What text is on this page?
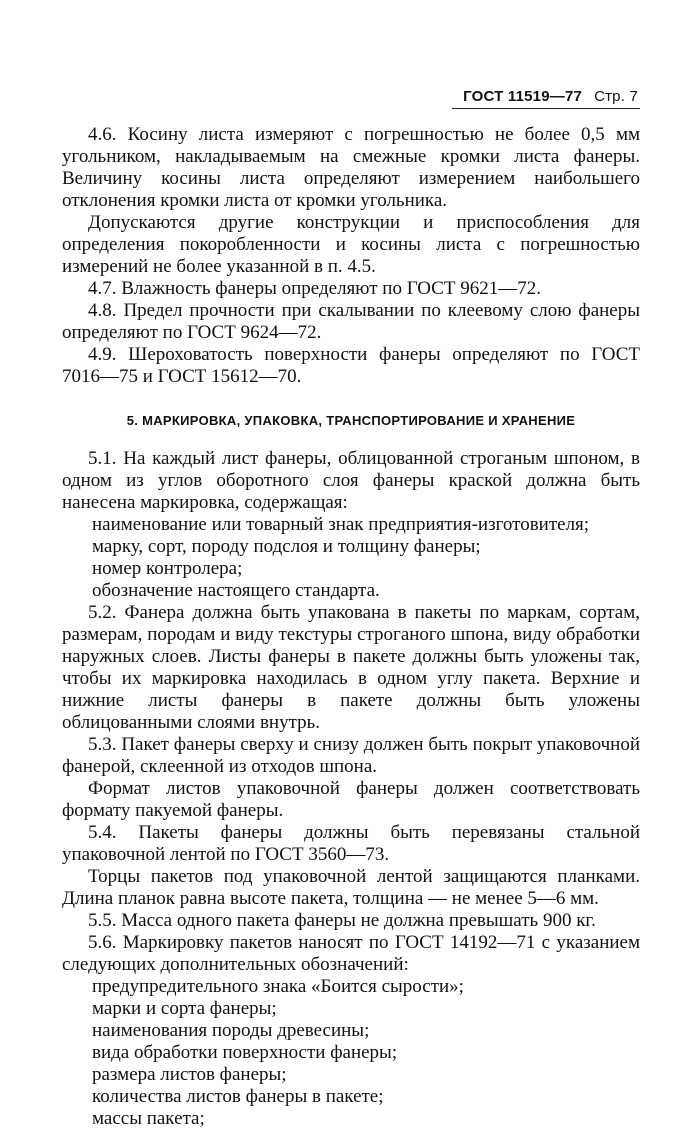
ГОСТ 11519—77 Стр. 7

4.6. Косину листа измеряют с погрешностью не более 0,5 мм угольником, накладываемым на смежные кромки листа фанеры. Величину косины листа определяют измерением наибольшего отклонения кромки листа от кромки угольника.

Допускаются другие конструкции и приспособления для определения покоробленности и косины листа с погрешностью измерений не более указанной в п. 4.5.

4.7. Влажность фанеры определяют по ГОСТ 9621—72.

4.8. Предел прочности при скалывании по клеевому слою фанеры определяют по ГОСТ 9624—72.

4.9. Шероховатость поверхности фанеры определяют по ГОСТ 7016—75 и ГОСТ 15612—70.

5. МАРКИРОВКА, УПАКОВКА, ТРАНСПОРТИРОВАНИЕ И ХРАНЕНИЕ

5.1. На каждый лист фанеры, облицованной строганым шпоном, в одном из углов оборотного слоя фанеры краской должна быть нанесена маркировка, содержащая:

наименование или товарный знак предприятия-изготовителя;

марку, сорт, породу подслоя и толщину фанеры;

номер контролера;

обозначение настоящего стандарта.

5.2. Фанера должна быть упакована в пакеты по маркам, сортам, размерам, породам и виду текстуры строганого шпона, виду обработки наружных слоев. Листы фанеры в пакете должны быть уложены так, чтобы их маркировка находилась в одном углу пакета. Верхние и нижние листы фанеры в пакете должны быть уложены облицованными слоями внутрь.

5.3. Пакет фанеры сверху и снизу должен быть покрыт упаковочной фанерой, склеенной из отходов шпона.

Формат листов упаковочной фанеры должен соответствовать формату пакуемой фанеры.

5.4. Пакеты фанеры должны быть перевязаны стальной упаковочной лентой по ГОСТ 3560—73.

Торцы пакетов под упаковочной лентой защищаются планками. Длина планок равна высоте пакета, толщина — не менее 5—6 мм.

5.5. Масса одного пакета фанеры не должна превышать 900 кг.

5.6. Маркировку пакетов наносят по ГОСТ 14192—71 с указанием следующих дополнительных обозначений:

предупредительного знака «Боится сырости»;

марки и сорта фанеры;

наименования породы древесины;

вида обработки поверхности фанеры;

размера листов фанеры;

количества листов фанеры в пакете;

массы пакета;
